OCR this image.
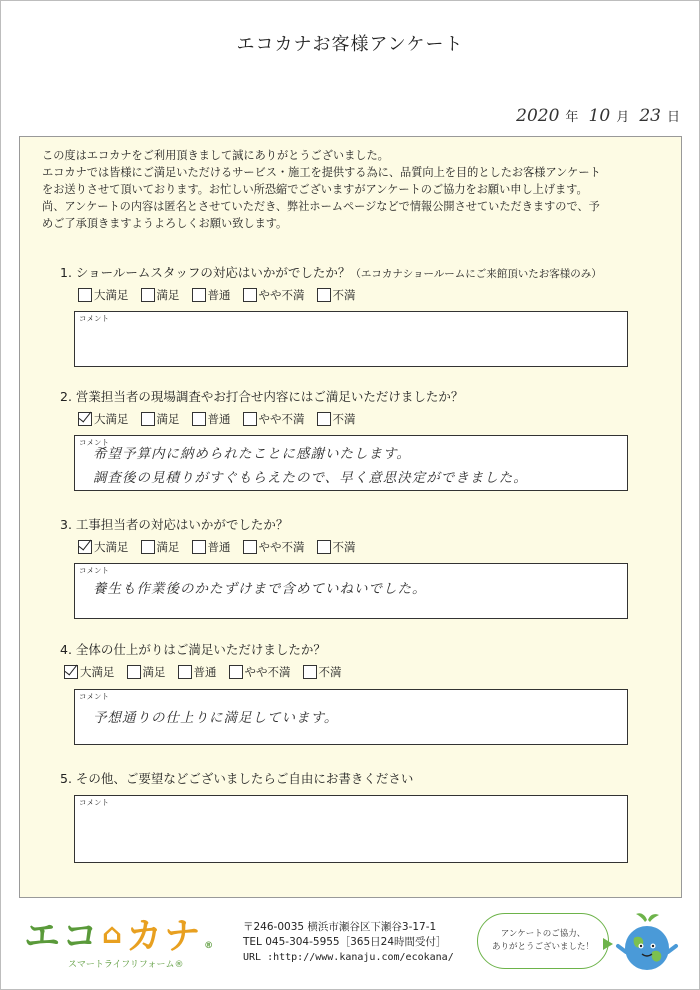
エコカナお客様アンケート
2020 年 10 月 23 日
この度はエコカナをご利用頂きまして誠にありがとうございました。
エコカナでは皆様にご満足いただけるサービス・施工を提供する為に、品質向上を目的としたお客様アンケート
をお送りさせて頂いております。お忙しい所恐縮でございますがアンケートのご協力をお願い申し上げます。
尚、アンケートの内容は匿名とさせていただき、弊社ホームページなどで情報公開させていただきますので、予
めご了承頂きますようよろしくお願い致します。
1. ショールームスタッフの対応はいかがでしたか？（エコカナショールームにご来館頂いたお客様のみ）
大満足 満足 普通 やや不満 不満
コメント
2. 営業担当者の現場調査やお打合せ内容にはご満足いただけましたか？
大満足 満足 普通 やや不満 不満
コメント
希望予算内に納められたことに感謝いたします。
調査後の見積りがすぐもらえたので、早く意思決定ができました。
3. 工事担当者の対応はいかがでしたか？
大満足 満足 普通 やや不満 不満
コメント
養生も作業後のかたずけまで含めていねいでした。
4. 全体の仕上がりはご満足いただけましたか？
大満足 満足 普通 やや不満 不満
コメント
予想通りの仕上りに満足しています。
5. その他、ご要望などございましたらご自由にお書きください
コメント
エコ ⌂ カナ ®
スマートライフリフォーム®
〒246-0035 横浜市瀬谷区下瀬谷3-17-1
TEL 045-304-5955［365日24時間受付］
URL :http://www.kanaju.com/ecokana/
アンケートのご協力、
ありがとうございました！
